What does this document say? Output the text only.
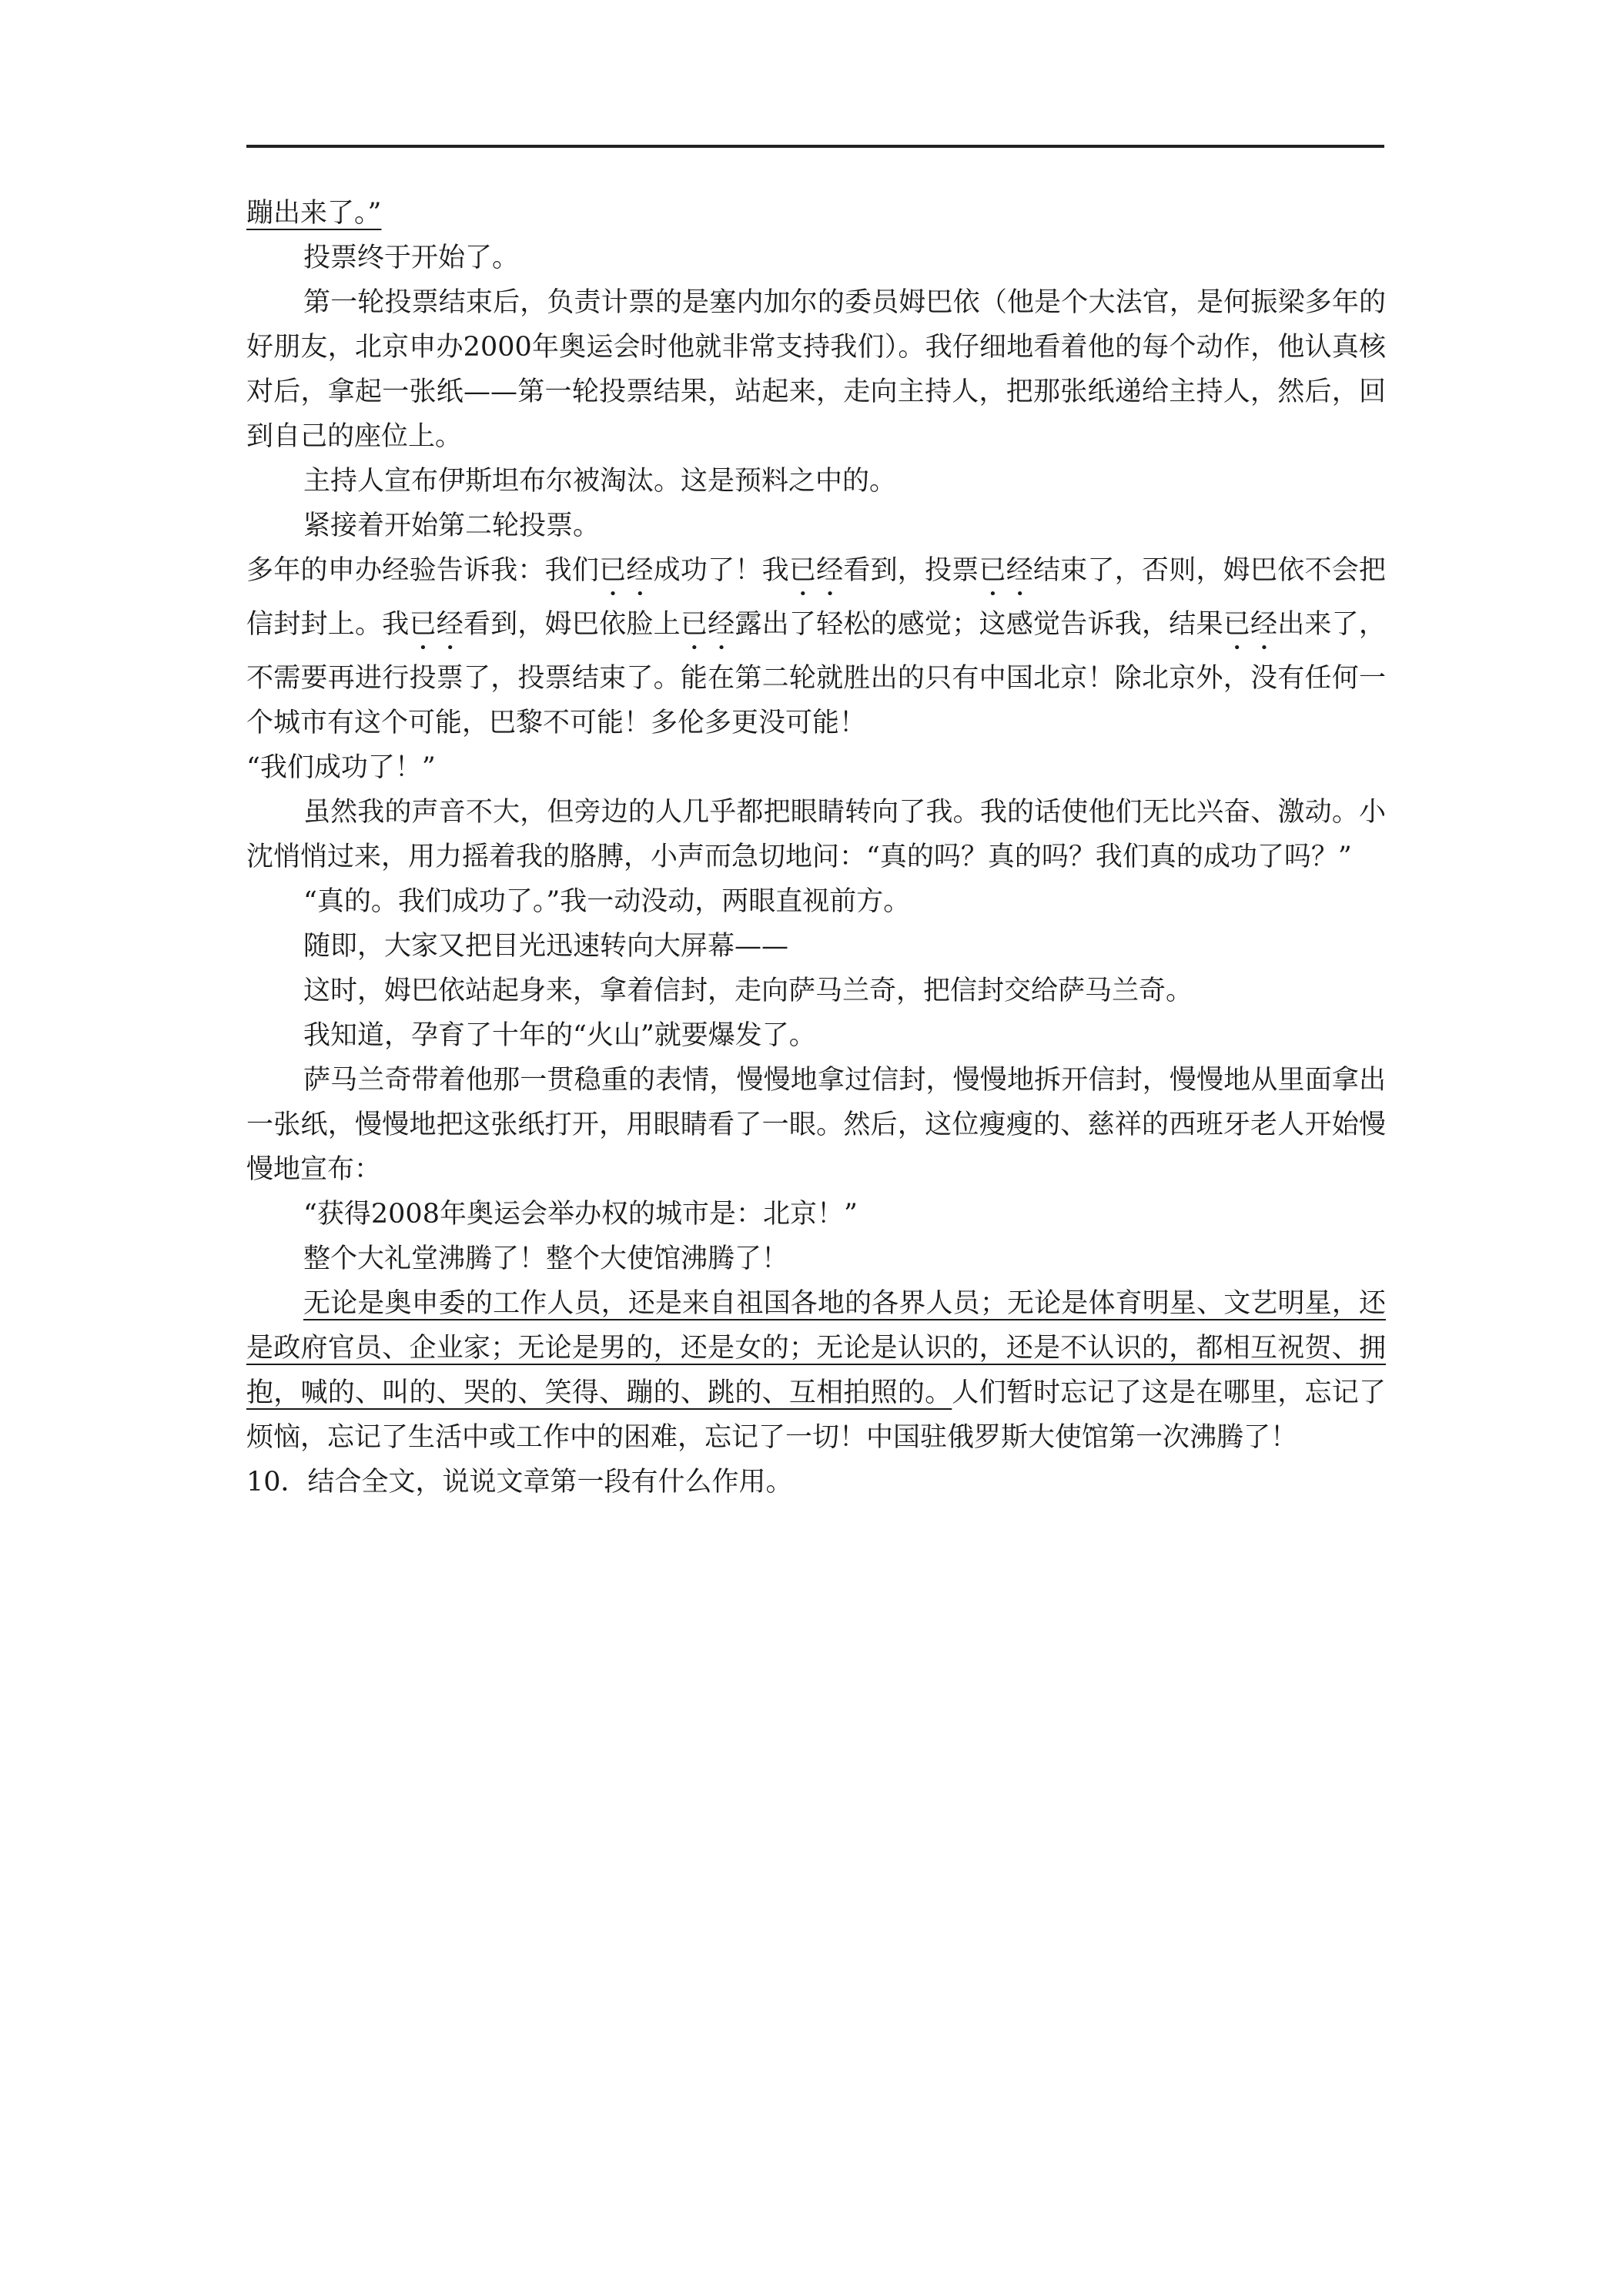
蹦出来了。”

投票终于开始了。

第一轮投票结束后，负责计票的是塞内加尔的委员姆巴依（他是个大法官，是何振梁多年的好朋友，北京申办2000年奥运会时他就非常支持我们）。我仔细地看着他的每个动作，他认真核对后，拿起一张纸——第一轮投票结果，站起来，走向主持人，把那张纸递给主持人，然后，回到自己的座位上。

主持人宣布伊斯坦布尔被淘汰。这是预料之中的。

紧接着开始第二轮投票。

多年的申办经验告诉我：我们已经成功了！我已经看到，投票已经结束了，否则，姆巴依不会把信封封上。我已经看到，姆巴依脸上已经露出了轻松的感觉；这感觉告诉我，结果已经出来了，不需要再进行投票了，投票结束了。能在第二轮就胜出的只有中国北京！除北京外，没有任何一个城市有这个可能，巴黎不可能！多伦多更没可能！

“我们成功了！”

虽然我的声音不大，但旁边的人几乎都把眼睛转向了我。我的话使他们无比兴奋、激动。小沈悄悄过来，用力摇着我的胳膊，小声而急切地问：“真的吗？真的吗？我们真的成功了吗？”

“真的。我们成功了。”我一动没动，两眼直视前方。

随即，大家又把目光迅速转向大屏幕——

这时，姆巴依站起身来，拿着信封，走向萨马兰奇，把信封交给萨马兰奇。

我知道，孕育了十年的“火山”就要爆发了。

萨马兰奇带着他那一贯稳重的表情，慢慢地拿过信封，慢慢地拆开信封，慢慢地从里面拿出一张纸，慢慢地把这张纸打开，用眼睛看了一眼。然后，这位瘦瘦的、慈祥的西班牙老人开始慢慢地宣布：

“获得2008年奥运会举办权的城市是：北京！”

整个大礼堂沸腾了！整个大使馆沸腾了！

无论是奥申委的工作人员，还是来自祖国各地的各界人员；无论是体育明星、文艺明星，还是政府官员、企业家；无论是男的，还是女的；无论是认识的，还是不认识的，都相互祝贺、拥抱，喊的、叫的、哭的、笑得、蹦的、跳的、互相拍照的。人们暂时忘记了这是在哪里，忘记了烦恼，忘记了生活中或工作中的困难，忘记了一切！中国驻俄罗斯大使馆第一次沸腾了！

10．结合全文，说说文章第一段有什么作用。
